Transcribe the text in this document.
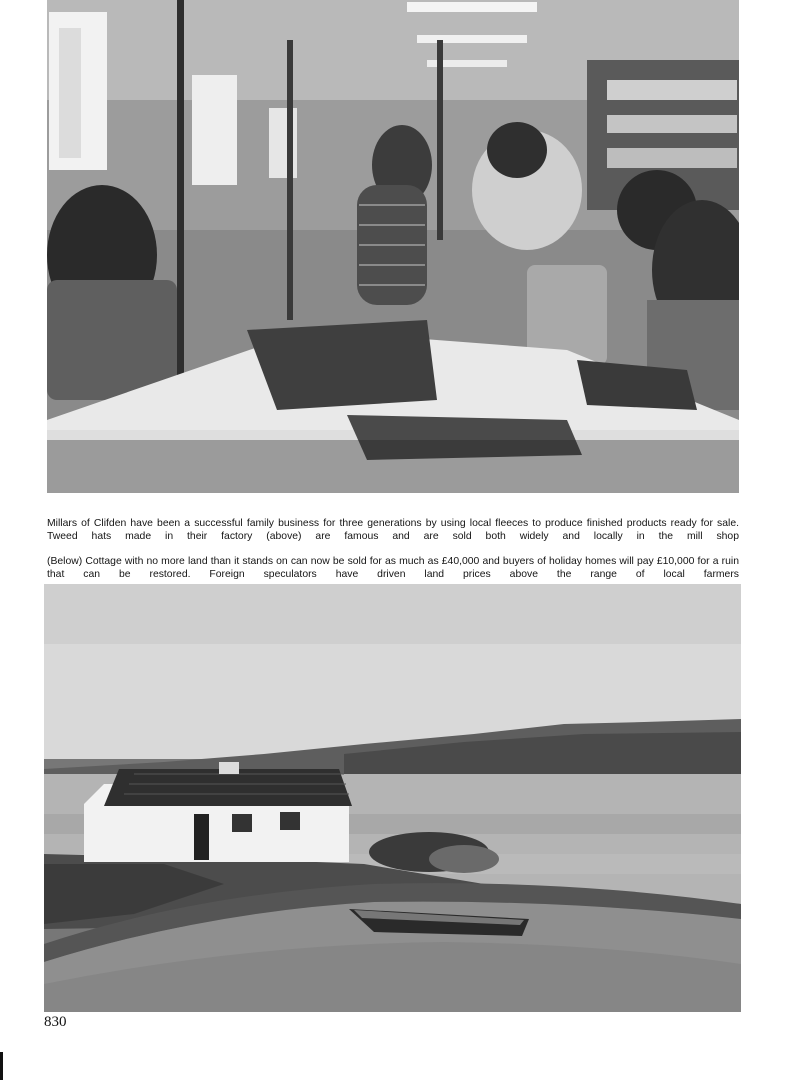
Millars of Clifden have been a successful family business for three generations by using local fleeces to produce finished products ready for sale. Tweed hats made in their factory (above) are famous and are sold both widely and locally in the mill shop

(Below) Cottage with no more land than it stands on can now be sold for as much as £40,000 and buyers of holiday homes will pay £10,000 for a ruin that can be restored. Foreign speculators have driven land prices above the range of local farmers

830
